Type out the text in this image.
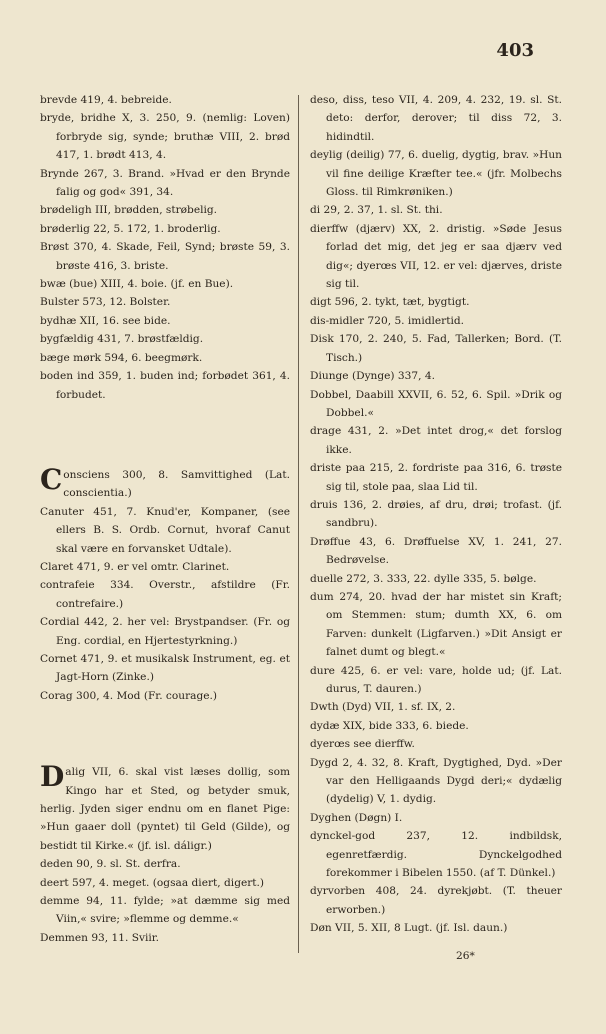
403
brevde 419, 4. bebreide.
bryde, bridhe X, 3. 250, 9. (nemlig: Loven) forbryde sig, synde; bruthæ VIII, 2. brød 417, 1. brødt 413, 4.
Brynde 267, 3. Brand. »Hvad er den Brynde falig og god« 391, 34.
brødeligh III, brødden, strøbelig.
brøderlig 22, 5. 172, 1. broderlig.
Brøst 370, 4. Skade, Feil, Synd; brøste 59, 3. brøste 416, 3. briste.
bwæ (bue) XIII, 4. boie. (jf. en Bue).
Bulster 573, 12. Bolster.
bydhæ XII, 16. see bide.
bygfældig 431, 7. brøstfældig.
bæge mørk 594, 6. beegmørk.
boden ind 359, 1. buden ind; forbødet 361, 4. forbudet.
Consciens 300, 8. Samvittighed (Lat. conscientia.)
Canuter 451, 7. Knud'er, Kompaner, (see ellers B. S. Ordb. Cornut, hvoraf Canut skal være en forvansket Udtale).
Claret 471, 9. er vel omtr. Clarinet.
contrafeie 334. Overstr., afstildre (Fr. contrefaire.)
Cordial 442, 2. her vel: Brystpandser. (Fr. og Eng. cordial, en Hjertestyrkning.)
Cornet 471, 9. et musikalsk Instrument, eg. et Jagt-Horn (Zinke.)
Corag 300, 4. Mod (Fr. courage.)
Dalig VII, 6. skal vist læses dollig, som Kingo har et Sted, og betyder smuk, herlig. Jyden siger endnu om en flanet Pige: »Hun gaaer doll (pyntet) til Geld (Gilde), og bestidt til Kirke.« (jf. isl. dáligr.)
deden 90, 9. sl. St. derfra.
deert 597, 4. meget. (ogsaa diert, digert.)
demme 94, 11. fylde; »at dæmme sig med Viin,« svire; »flemme og demme.«
Demmen 93, 11. Sviir.
deso, diss, teso VII, 4. 209, 4. 232, 19. sl. St. deto: derfor, derover; til diss 72, 3. hidindtil.
deylig (deilig) 77, 6. duelig, dygtig, brav. »Hun vil fine deilige Kræfter tee.« (jfr. Molbechs Gloss. til Rimkrøniken.)
di 29, 2. 37, 1. sl. St. thi.
dierffw (djærv) XX, 2. dristig. »Søde Jesus forlad det mig, det jeg er saa djærv ved dig«; dyerœs VII, 12. er vel: djærves, driste sig til.
digt 596, 2. tykt, tæt, bygtigt.
dis-midler 720, 5. imidlertid.
Disk 170, 2. 240, 5. Fad, Tallerken; Bord. (T. Tisch.)
Diunge (Dynge) 337, 4.
Dobbel, Daabill XXVII, 6. 52, 6. Spil. »Drik og Dobbel.«
drage 431, 2. »Det intet drog,« det forslog ikke.
driste paa 215, 2. fordriste paa 316, 6. trøste sig til, stole paa, slaa Lid til.
druis 136, 2. drøies, af dru, drøi; trofast. (jf. sandbru).
Drøffue 43, 6. Drøffuelse XV, 1. 241, 27. Bedrøvelse.
duelle 272, 3. 333, 22. dylle 335, 5. bølge.
dum 274, 20. hvad der har mistet sin Kraft; om Stemmen: stum; dumth XX, 6. om Farven: dunkelt (Ligfarven.) »Dit Ansigt er falnet dumt og blegt.«
dure 425, 6. er vel: vare, holde ud; (jf. Lat. durus, T. dauren.)
Dwth (Dyd) VII, 1. sf. IX, 2.
dydæ XIX, bide 333, 6. biede.
dyerœs see dierffw.
Dygd 2, 4. 32, 8. Kraft, Dygtighed, Dyd. »Der var den Helligaands Dygd deri;« dydælig (dydelig) V, 1. dydig.
Dyghen (Døgn) I.
dynckel-god 237, 12. indbildsk, egenretfærdig. Dynckelgodhed forekommer i Bibelen 1550. (af T. Dünkel.)
dyrvorben 408, 24. dyrekjøbt. (T. theuer erworben.)
Døn VII, 5. XII, 8 Lugt. (jf. Isl. daun.)
26*
